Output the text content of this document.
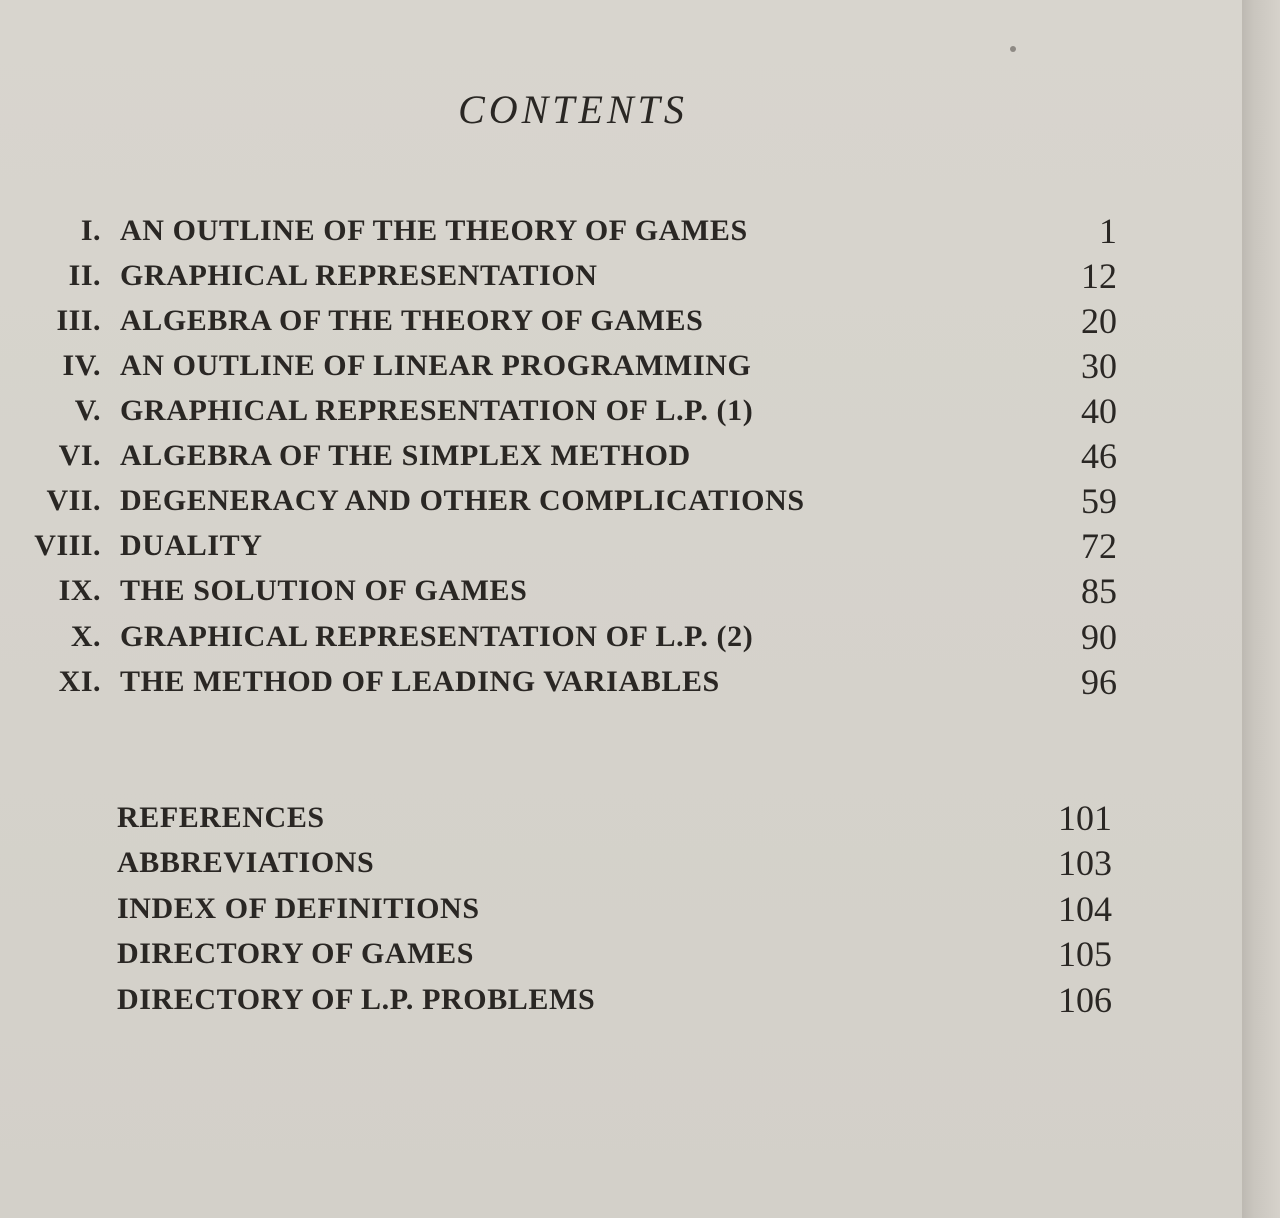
CONTENTS
I. AN OUTLINE OF THE THEORY OF GAMES	1
II. GRAPHICAL REPRESENTATION	12
III. ALGEBRA OF THE THEORY OF GAMES	20
IV. AN OUTLINE OF LINEAR PROGRAMMING	30
V. GRAPHICAL REPRESENTATION OF L.P. (1)	40
VI. ALGEBRA OF THE SIMPLEX METHOD	46
VII. DEGENERACY AND OTHER COMPLICATIONS	59
VIII. DUALITY	72
IX. THE SOLUTION OF GAMES	85
X. GRAPHICAL REPRESENTATION OF L.P. (2)	90
XI. THE METHOD OF LEADING VARIABLES	96
REFERENCES	101
ABBREVIATIONS	103
INDEX OF DEFINITIONS	104
DIRECTORY OF GAMES	105
DIRECTORY OF L.P. PROBLEMS	106
